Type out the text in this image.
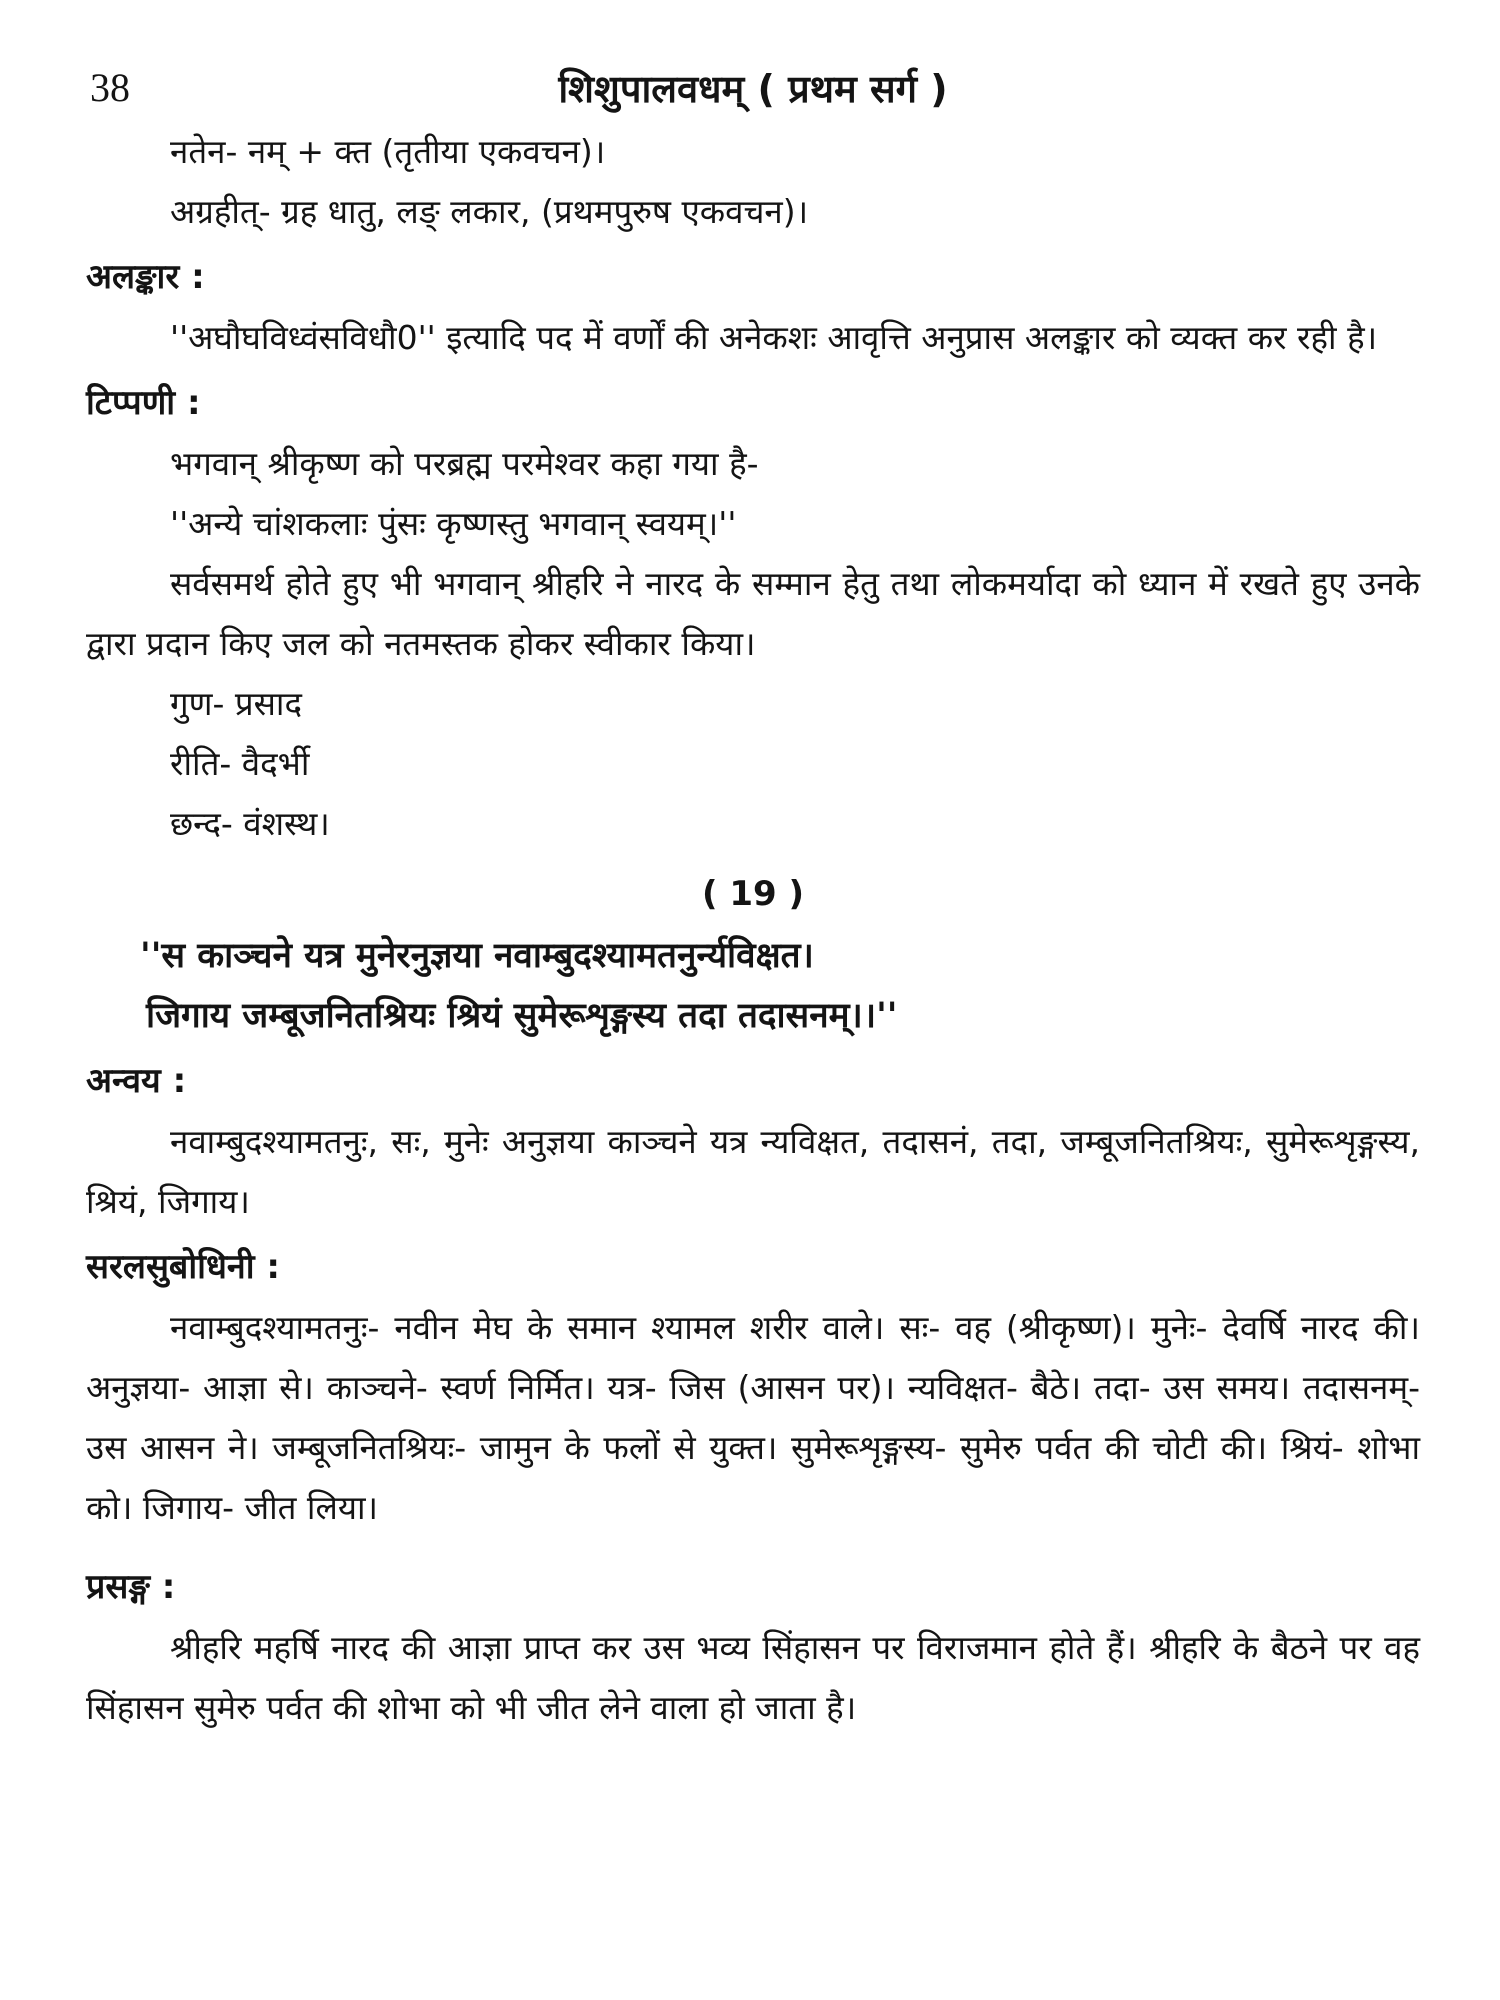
38	शिशुपालवधम् ( प्रथम सर्ग )
नतेन- नम् + क्त (तृतीया एकवचन)।
अग्रहीत्- ग्रह धातु, लङ् लकार, (प्रथमपुरुष एकवचन)।
अलङ्कार :
''अघौघविध्वंसविधौ0'' इत्यादि पद में वर्णों की अनेकशः आवृत्ति अनुप्रास अलङ्कार को व्यक्त कर रही है।
टिप्पणी :
भगवान् श्रीकृष्ण को परब्रह्म परमेश्वर कहा गया है-
''अन्ये चांशकलाः पुंसः कृष्णस्तु भगवान् स्वयम्।''
सर्वसमर्थ होते हुए भी भगवान् श्रीहरि ने नारद के सम्मान हेतु तथा लोकमर्यादा को ध्यान में रखते हुए उनके द्वारा प्रदान किए जल को नतमस्तक होकर स्वीकार किया।
गुण- प्रसाद
रीति- वैदर्भी
छन्द- वंशस्थ।
( 19 )
''स काञ्चने यत्र मुनेरनुज्ञया नवाम्बुदश्यामतनुर्न्यविक्षत।
जिगाय जम्बूजनितश्रियः श्रियं सुमेरूशृङ्गस्य तदा तदासनम्।।''
अन्वय :
नवाम्बुदश्यामतनुः, सः, मुनेः अनुज्ञया काञ्चने यत्र न्यविक्षत, तदासनं, तदा, जम्बूजनितश्रियः, सुमेरूशृङ्गस्य, श्रियं, जिगाय।
सरलसुबोधिनी :
नवाम्बुदश्यामतनुः- नवीन मेघ के समान श्यामल शरीर वाले। सः- वह (श्रीकृष्ण)। मुनेः- देवर्षि नारद की। अनुज्ञया- आज्ञा से। काञ्चने- स्वर्ण निर्मित। यत्र- जिस (आसन पर)। न्यविक्षत- बैठे। तदा- उस समय। तदासनम्- उस आसन ने। जम्बूजनितश्रियः- जामुन के फलों से युक्त। सुमेरूशृङ्गस्य- सुमेरु पर्वत की चोटी की। श्रियं- शोभा को। जिगाय- जीत लिया।
प्रसङ्ग :
श्रीहरि महर्षि नारद की आज्ञा प्राप्त कर उस भव्य सिंहासन पर विराजमान होते हैं। श्रीहरि के बैठने पर वह सिंहासन सुमेरु पर्वत की शोभा को भी जीत लेने वाला हो जाता है।
